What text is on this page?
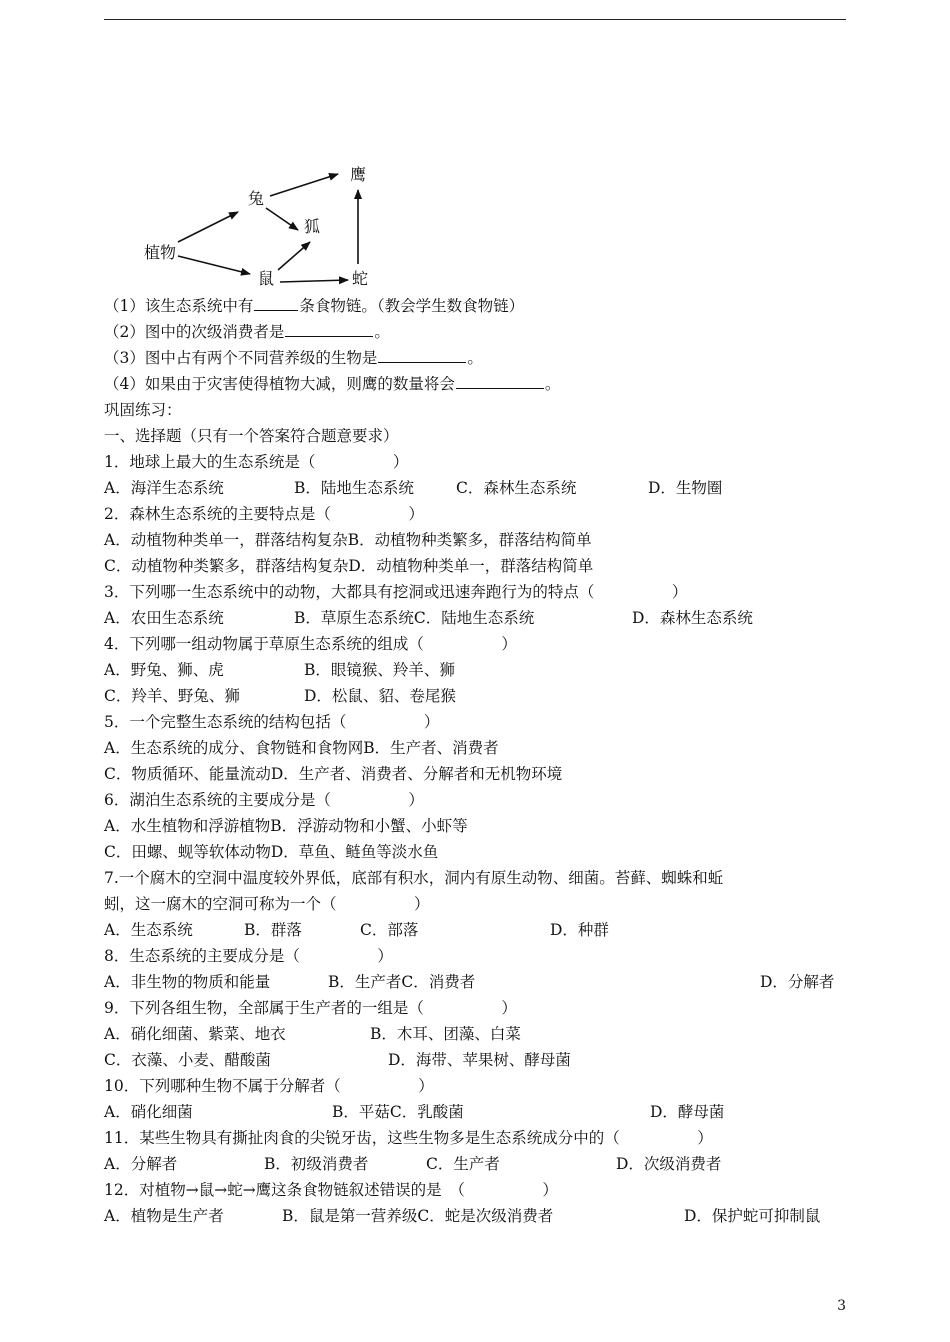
植物
兔
鼠
狐
鹰
蛇
（1）该生态系统中有	条食物链。（教会学生数食物链）
（2）图中的次级消费者是	。
（3）图中占有两个不同营养级的生物是	。
（4）如果由于灾害使得植物大减，则鹰的数量将会	。
巩固练习：
一、选择题（只有一个答案符合题意要求）
1．地球上最大的生态系统是（　　　　　）
A．海洋生态系统	B．陆地生态系统	C．森林生态系统	D．生物圈
2．森林生态系统的主要特点是（　　　　　）
A．动植物种类单一，群落结构复杂B．动植物种类繁多，群落结构简单
C．动植物种类繁多，群落结构复杂D．动植物种类单一，群落结构简单
3．下列哪一生态系统中的动物，大都具有挖洞或迅速奔跑行为的特点（　　　　　）
A．农田生态系统	B．草原生态系统C．陆地生态系统	D．森林生态系统
4．下列哪一组动物属于草原生态系统的组成（　　　　　）
A．野兔、狮、虎	B．眼镜猴、羚羊、狮
C．羚羊、野兔、狮	D．松鼠、貂、卷尾猴
5．一个完整生态系统的结构包括（　　　　　）
A．生态系统的成分、食物链和食物网B．生产者、消费者
C．物质循环、能量流动D．生产者、消费者、分解者和无机物环境
6．湖泊生态系统的主要成分是（　　　　　）
A．水生植物和浮游植物B．浮游动物和小蟹、小虾等
C．田螺、蚬等软体动物D．草鱼、鲢鱼等淡水鱼
7.一个腐木的空洞中温度较外界低，底部有积水，洞内有原生动物、细菌。苔藓、蜘蛛和蚯
蚓，这一腐木的空洞可称为一个（　　　　　）
A．生态系统	B．群落	C．部落	D．种群
8．生态系统的主要成分是（　　　　　）
A．非生物的物质和能量	B．生产者C．消费者	D．分解者
9．下列各组生物，全部属于生产者的一组是（　　　　　）
A．硝化细菌、紫菜、地衣	B．木耳、团藻、白菜
C．衣藻、小麦、醋酸菌	D．海带、苹果树、酵母菌
10．下列哪种生物不属于分解者（　　　　　）
A．硝化细菌	B．平菇C．乳酸菌	D．酵母菌
11．某些生物具有撕扯肉食的尖锐牙齿，这些生物多是生态系统成分中的（　　　　　）
A．分解者	B．初级消费者	C．生产者	D．次级消费者
12．对植物→鼠→蛇→鹰这条食物链叙述错误的是　（　　　　　）
A．植物是生产者	B．鼠是第一营养级C．蛇是次级消费者	D．保护蛇可抑制鼠
3
